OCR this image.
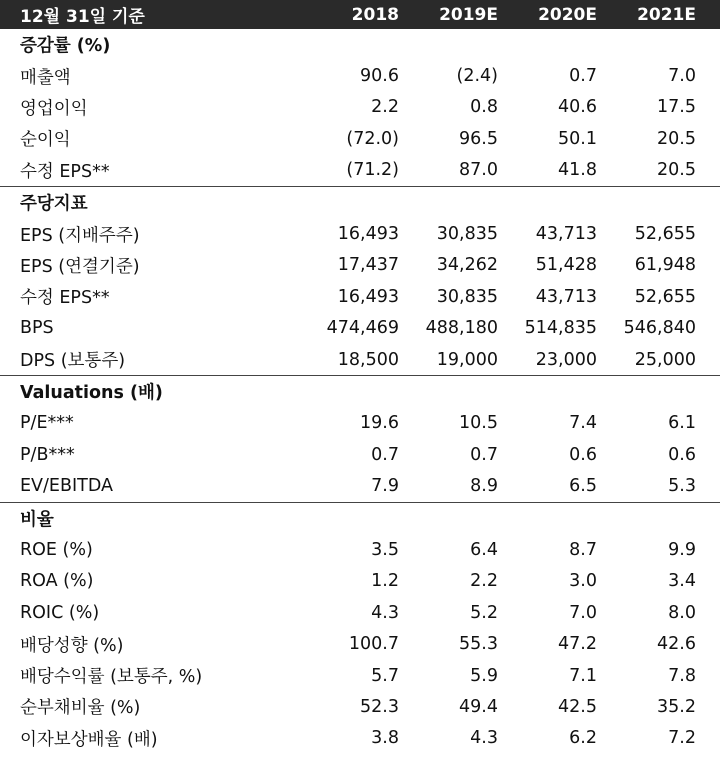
12월 31일 기준	2018	2019E	2020E	2021E
증감률 (%)
매출액	90.6	(2.4)	0.7	7.0
영업이익	2.2	0.8	40.6	17.5
순이익	(72.0)	96.5	50.1	20.5
수정 EPS**	(71.2)	87.0	41.8	20.5
주당지표
EPS (지배주주)	16,493	30,835	43,713	52,655
EPS (연결기준)	17,437	34,262	51,428	61,948
수정 EPS**	16,493	30,835	43,713	52,655
BPS	474,469	488,180	514,835	546,840
DPS (보통주)	18,500	19,000	23,000	25,000
Valuations (배)
P/E***	19.6	10.5	7.4	6.1
P/B***	0.7	0.7	0.6	0.6
EV/EBITDA	7.9	8.9	6.5	5.3
비율
ROE (%)	3.5	6.4	8.7	9.9
ROA (%)	1.2	2.2	3.0	3.4
ROIC (%)	4.3	5.2	7.0	8.0
배당성향 (%)	100.7	55.3	47.2	42.6
배당수익률 (보통주, %)	5.7	5.9	7.1	7.8
순부채비율 (%)	52.3	49.4	42.5	35.2
이자보상배율 (배)	3.8	4.3	6.2	7.2
